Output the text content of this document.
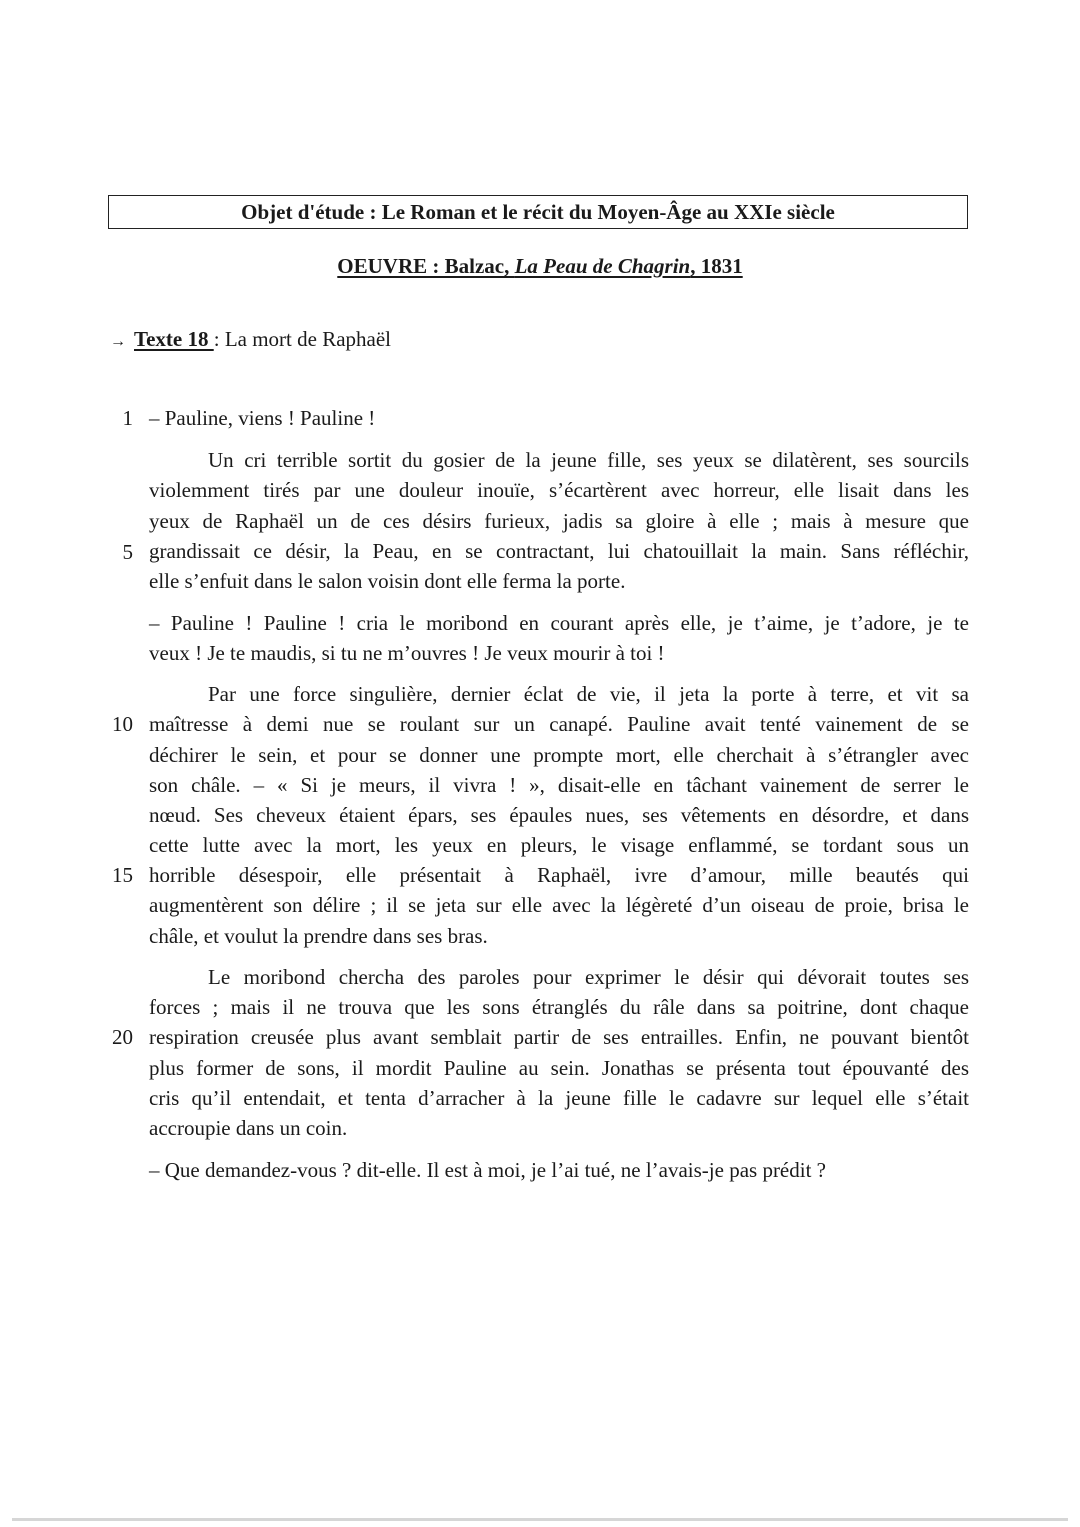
Objet d'étude : Le Roman et le récit du Moyen-Âge au XXIe siècle
OEUVRE : Balzac, La Peau de Chagrin, 1831
→ Texte 18 : La mort de Raphaël
1
5
10
15
20
– Pauline, viens ! Pauline !
Un cri terrible sortit du gosier de la jeune fille, ses yeux se dilatèrent, ses sourcils
violemment tirés par une douleur inouïe, s’écartèrent avec horreur, elle lisait dans les
yeux de Raphaël un de ces désirs furieux, jadis sa gloire à elle ; mais à mesure que
grandissait ce désir, la Peau, en se contractant, lui chatouillait la main. Sans réfléchir,
elle s’enfuit dans le salon voisin dont elle ferma la porte.
– Pauline ! Pauline ! cria le moribond en courant après elle, je t’aime, je t’adore, je te
veux ! Je te maudis, si tu ne m’ouvres ! Je veux mourir à toi !
Par une force singulière, dernier éclat de vie, il jeta la porte à terre, et vit sa
maîtresse à demi nue se roulant sur un canapé. Pauline avait tenté vainement de se
déchirer le sein, et pour se donner une prompte mort, elle cherchait à s’étrangler avec
son châle. – « Si je meurs, il vivra ! », disait-elle en tâchant vainement de serrer le
nœud. Ses cheveux étaient épars, ses épaules nues, ses vêtements en désordre, et dans
cette lutte avec la mort, les yeux en pleurs, le visage enflammé, se tordant sous un
horrible désespoir, elle présentait à Raphaël, ivre d’amour, mille beautés qui
augmentèrent son délire ; il se jeta sur elle avec la légèreté d’un oiseau de proie, brisa le
châle, et voulut la prendre dans ses bras.
Le moribond chercha des paroles pour exprimer le désir qui dévorait toutes ses
forces ; mais il ne trouva que les sons étranglés du râle dans sa poitrine, dont chaque
respiration creusée plus avant semblait partir de ses entrailles. Enfin, ne pouvant bientôt
plus former de sons, il mordit Pauline au sein. Jonathas se présenta tout épouvanté des
cris qu’il entendait, et tenta d’arracher à la jeune fille le cadavre sur lequel elle s’était
accroupie dans un coin.
– Que demandez-vous ? dit-elle. Il est à moi, je l’ai tué, ne l’avais-je pas prédit ?
